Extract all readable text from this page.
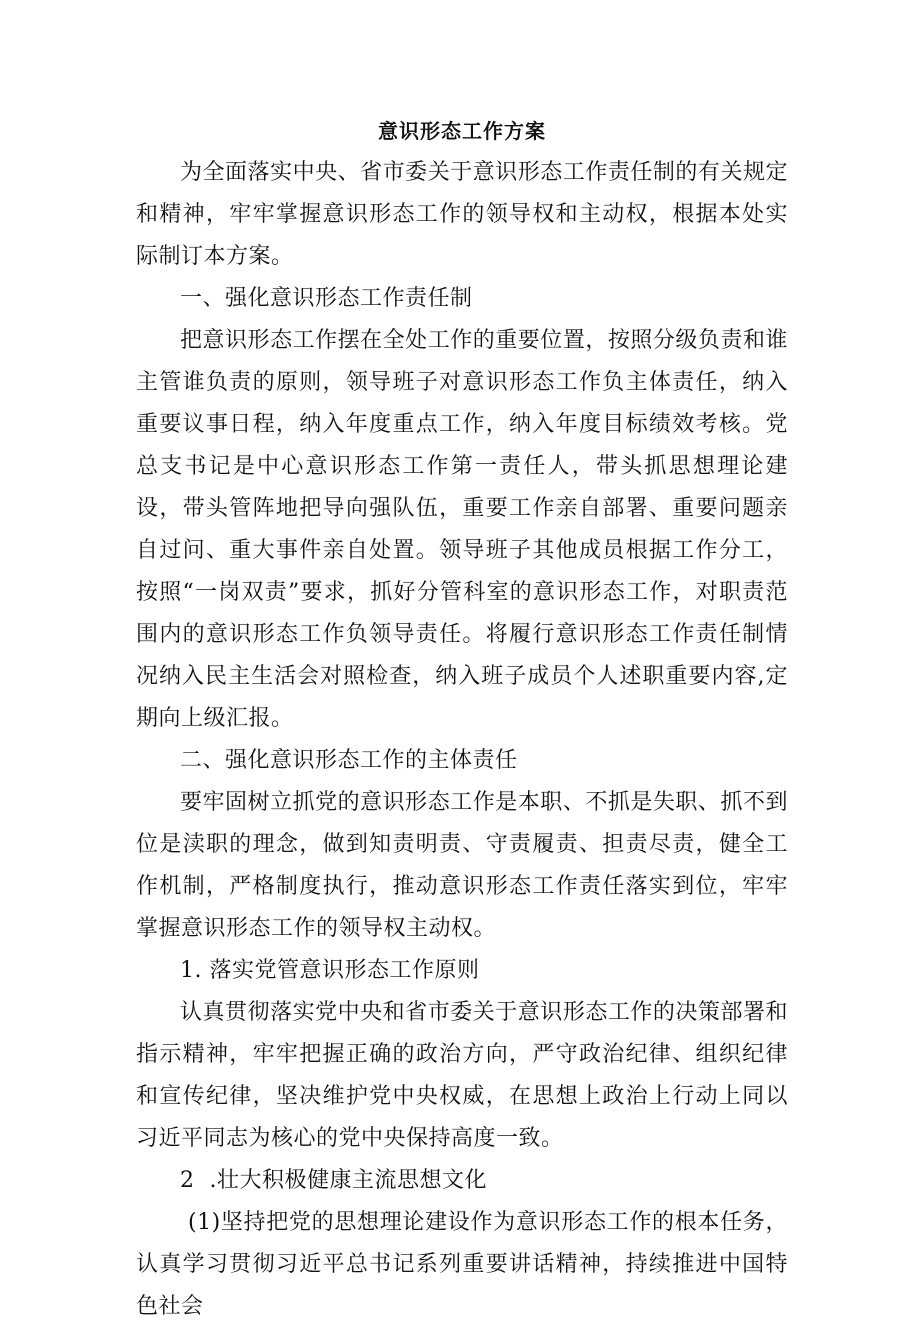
意识形态工作方案

为全面落实中央、省市委关于意识形态工作责任制的有关规定和精神，牢牢掌握意识形态工作的领导权和主动权，根据本处实际制订本方案。

一、强化意识形态工作责任制

把意识形态工作摆在全处工作的重要位置，按照分级负责和谁主管谁负责的原则，领导班子对意识形态工作负主体责任，纳入重要议事日程，纳入年度重点工作，纳入年度目标绩效考核。党总支书记是中心意识形态工作第一责任人，带头抓思想理论建设，带头管阵地把导向强队伍，重要工作亲自部署、重要问题亲自过问、重大事件亲自处置。领导班子其他成员根据工作分工，按照“一岗双责”要求，抓好分管科室的意识形态工作，对职责范围内的意识形态工作负领导责任。将履行意识形态工作责任制情况纳入民主生活会对照检查，纳入班子成员个人述职重要内容,定期向上级汇报。

二、强化意识形态工作的主体责任

要牢固树立抓党的意识形态工作是本职、不抓是失职、抓不到位是渎职的理念，做到知责明责、守责履责、担责尽责，健全工作机制，严格制度执行，推动意识形态工作责任落实到位，牢牢掌握意识形态工作的领导权主动权。

1. 落实党管意识形态工作原则

认真贯彻落实党中央和省市委关于意识形态工作的决策部署和指示精神，牢牢把握正确的政治方向，严守政治纪律、组织纪律和宣传纪律，坚决维护党中央权威，在思想上政治上行动上同以习近平同志为核心的党中央保持高度一致。

2  .壮大积极健康主流思想文化

(1)坚持把党的思想理论建设作为意识形态工作的根本任务，认真学习贯彻习近平总书记系列重要讲话精神，持续推进中国特色社会
